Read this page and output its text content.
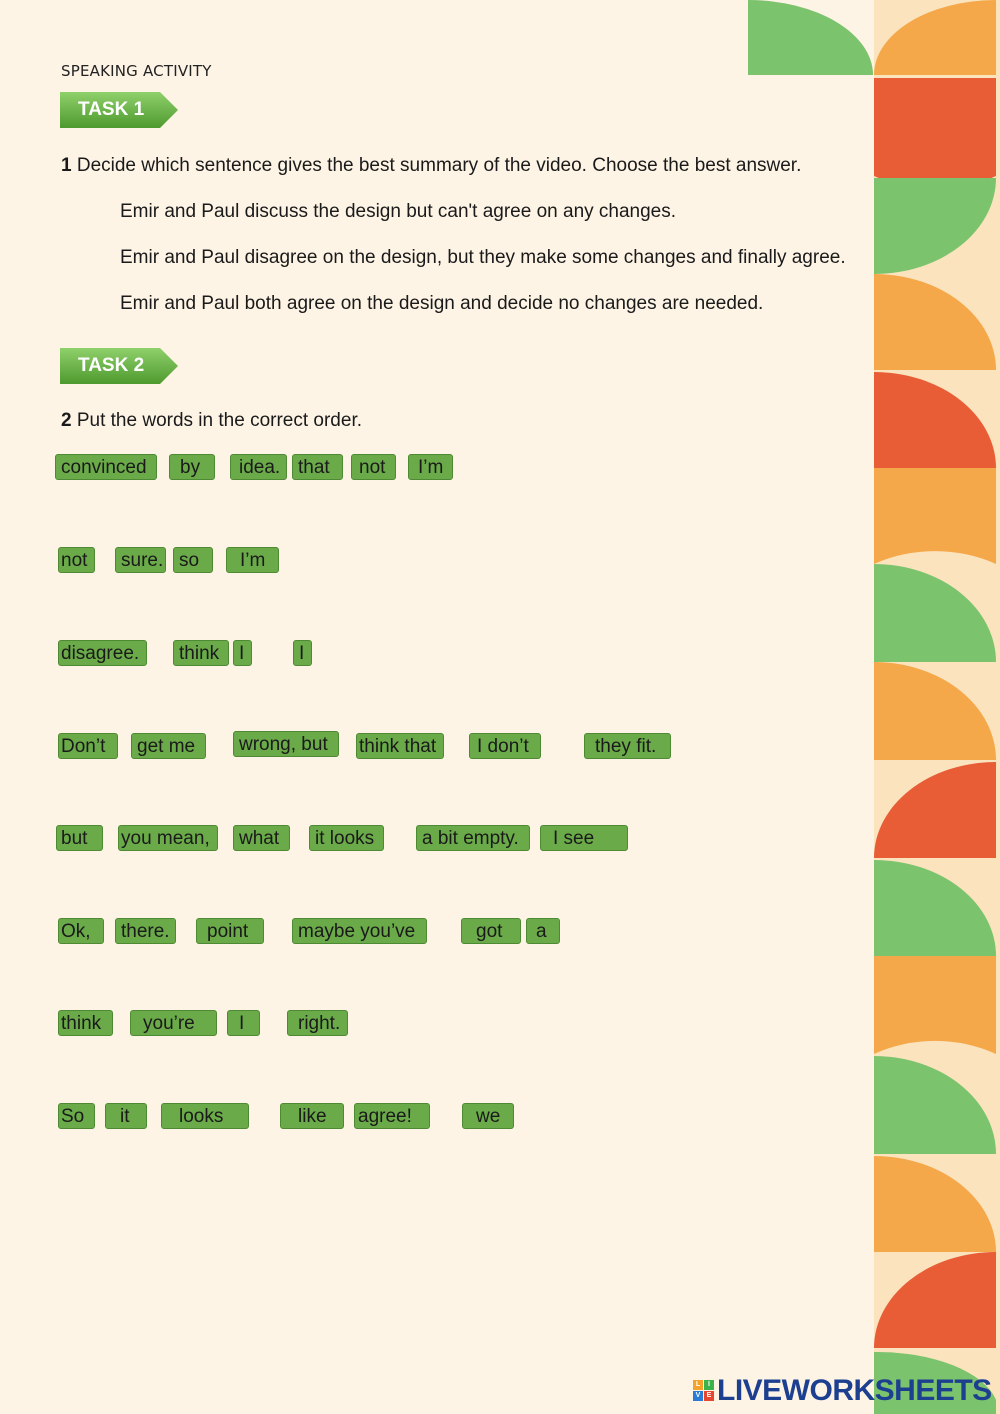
SPEAKING ACTIVITY
TASK 1
1 Decide which sentence gives the best summary of the video. Choose the best answer.
Emir and Paul discuss the design but can't agree on any changes.
Emir and Paul disagree on the design, but they make some changes and finally agree.
Emir and Paul both agree on the design and decide no changes are needed.
TASK 2
2 Put the words in the correct order.
convinced	by	idea. that	not	I’m
not	sure. so	I’m
disagree.	think	I	I
Don’t	get me	wrong, but	think that	I don’t	they fit.
but	you mean,	what	it looks	a bit empty.	I see
Ok,	there.	point	maybe you’ve	got	a
think	you’re	I	right.
So	it	looks	like	agree!	we
L	I
V E LIVEWORKSHEETS
